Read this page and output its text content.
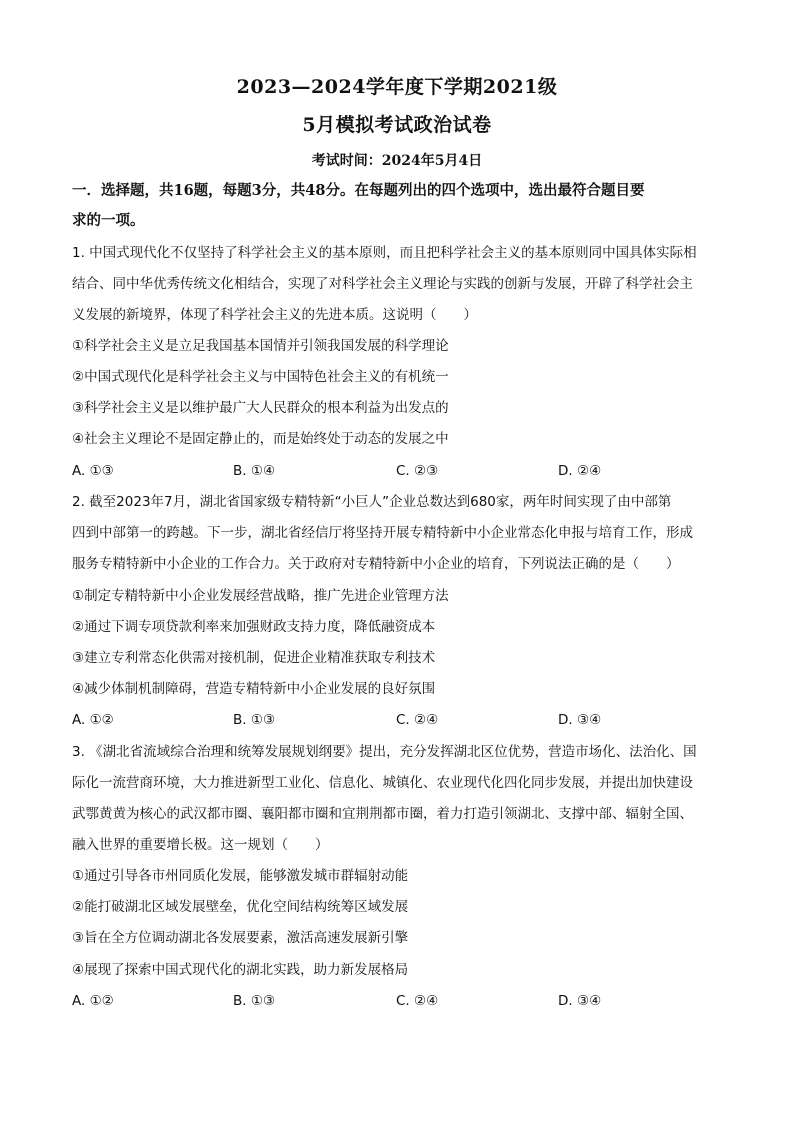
2023—2024学年度下学期2021级
5月模拟考试政治试卷
考试时间：2024年5月4日
一．选择题，共16题，每题3分，共48分。在每题列出的四个选项中，选出最符合题目要
求的一项。
1. 中国式现代化不仅坚持了科学社会主义的基本原则，而且把科学社会主义的基本原则同中国具体实际相
结合、同中华优秀传统文化相结合，实现了对科学社会主义理论与实践的创新与发展，开辟了科学社会主
义发展的新境界，体现了科学社会主义的先进本质。这说明（　　）
①科学社会主义是立足我国基本国情并引领我国发展的科学理论
②中国式现代化是科学社会主义与中国特色社会主义的有机统一
③科学社会主义是以维护最广大人民群众的根本利益为出发点的
④社会主义理论不是固定静止的，而是始终处于动态的发展之中
A. ①③	B. ①④	C. ②③	D. ②④
2. 截至2023年7月，湖北省国家级专精特新“小巨人”企业总数达到680家，两年时间实现了由中部第
四到中部第一的跨越。下一步，湖北省经信厅将坚持开展专精特新中小企业常态化申报与培育工作，形成
服务专精特新中小企业的工作合力。关于政府对专精特新中小企业的培育，下列说法正确的是（　　）
①制定专精特新中小企业发展经营战略，推广先进企业管理方法
②通过下调专项贷款利率来加强财政支持力度，降低融资成本
③建立专利常态化供需对接机制，促进企业精准获取专利技术
④减少体制机制障碍，营造专精特新中小企业发展的良好氛围
A. ①②	B. ①③	C. ②④	D. ③④
3. 《湖北省流域综合治理和统筹发展规划纲要》提出，充分发挥湖北区位优势，营造市场化、法治化、国
际化一流营商环境，大力推进新型工业化、信息化、城镇化、农业现代化四化同步发展，并提出加快建设
武鄂黄黄为核心的武汉都市圈、襄阳都市圈和宜荆荆都市圈，着力打造引领湖北、支撑中部、辐射全国、
融入世界的重要增长极。这一规划（　　）
①通过引导各市州同质化发展，能够激发城市群辐射动能
②能打破湖北区域发展壁垒，优化空间结构统筹区域发展
③旨在全方位调动湖北各发展要素，激活高速发展新引擎
④展现了探索中国式现代化的湖北实践，助力新发展格局
A. ①②	B. ①③	C. ②④	D. ③④
